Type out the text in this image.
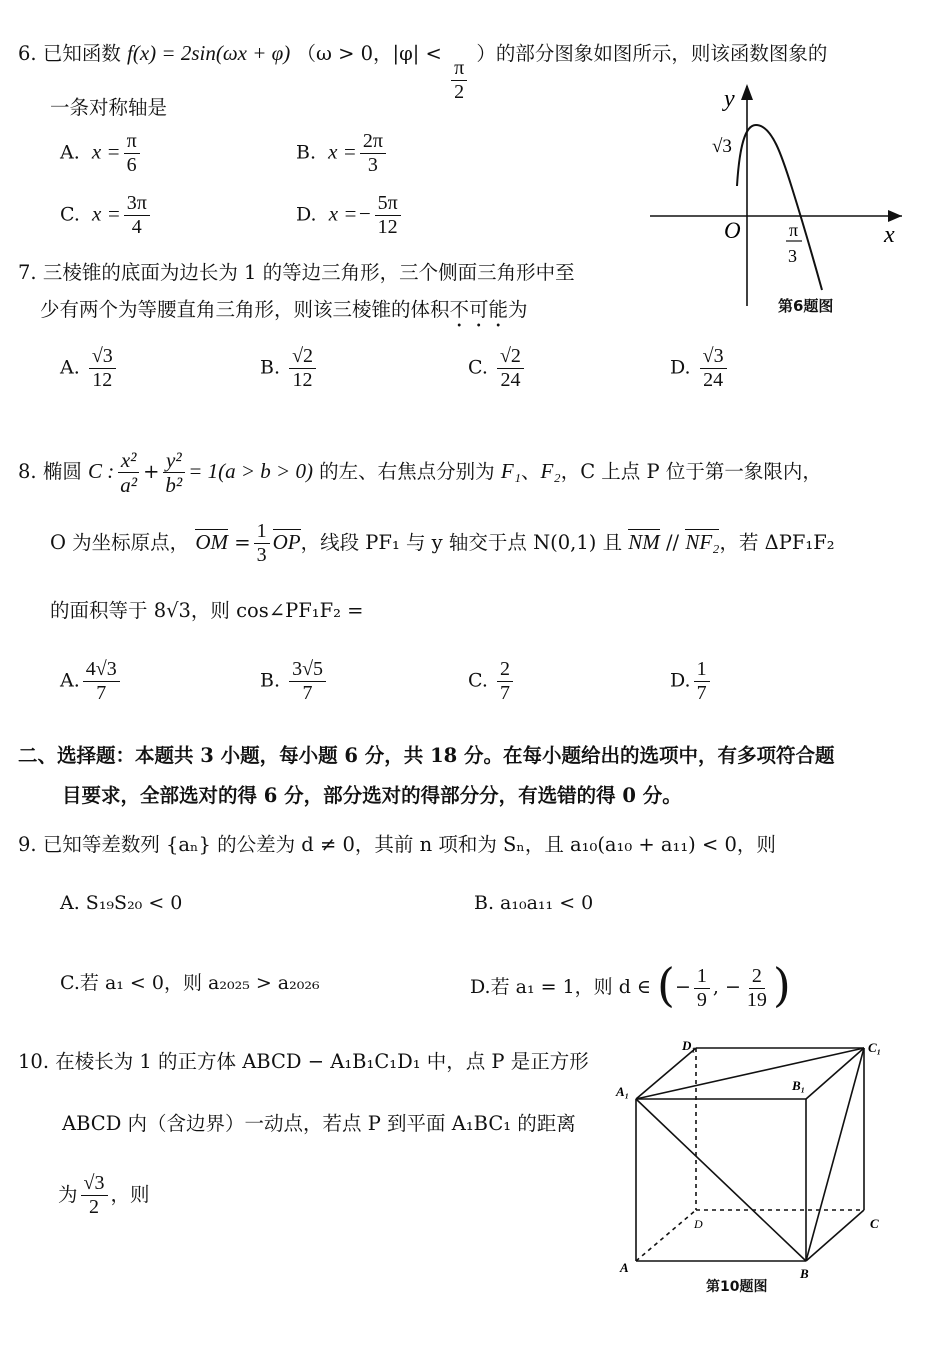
6. 已知函数 f(x) = 2sin(ωx + φ) （ω > 0，|φ| <
$\frac{\pi}{2}$
）的部分图象如图所示，则该函数图象的
一条对称轴是
A. $x = \frac{\pi}{6}$	B. $x = \frac{2\pi}{3}$
C. $x = \frac{3\pi}{4}$	D. $x =- \frac{5\pi}{12}$
y
x
O
√3
π
3
第6题图
7. 三棱锥的底面为边长为 1 的等边三角形，三个侧面三角形中至
少有两个为等腰直角三角形，则该三棱锥的体积不可能为
A. $\frac{√3}{12}$	B. $\frac{√2}{12}$	C. $\frac{√2}{24}$	D. $\frac{√3}{24}$
8. 椭圆 C : $\frac{\text{x²}}{\text{a²}} + \frac{\text{y²}}{\text{b²}} = 1(a > b > 0)$ 的左、右焦点分别为 F₁、F₂，C 上点 P 位于第一象限内，
O 为坐标原点， OM = $\frac{1}{3}$ OP，线段 PF₁ 与 y 轴交于点 N(0,1) 且 NM // NF₂，若 ΔPF₁F₂
的面积等于 8√3，则 cos∠PF₁F₂ =
A. $\frac{4√3}{7}$	B. $\frac{3√5}{7}$	C. $\frac{2}{7}$	D. $\frac{1}{7}$
二、选择题：本题共 3 小题，每小题 6 分，共 18 分。在每小题给出的选项中，有多项符合题
目要求，全部选对的得 6 分，部分选对的得部分分，有选错的得 0 分。
9. 已知等差数列 {aₙ} 的公差为 d ≠ 0，其前 n 项和为 Sₙ，且 a₁₀(a₁₀ + a₁₁) < 0，则
A. S₁₉S₂₀ < 0	B. a₁₀a₁₁ < 0
C.若 a₁ < 0，则 a₂₀₂₅ > a₂₀₂₆	D.若 a₁ = 1，则 d ∈ (− $\frac{1}{9}$ , − $\frac{2}{19}$ )
10. 在棱长为 1 的正方体 ABCD − A₁B₁C₁D₁ 中，点 P 是正方形
ABCD 内（含边界）一动点，若点 P 到平面 A₁BC₁ 的距离
为 $\frac{√3}{2}$ ，则
D₁	C₁
A₁	B₁
D	C
A	B
第10题图
